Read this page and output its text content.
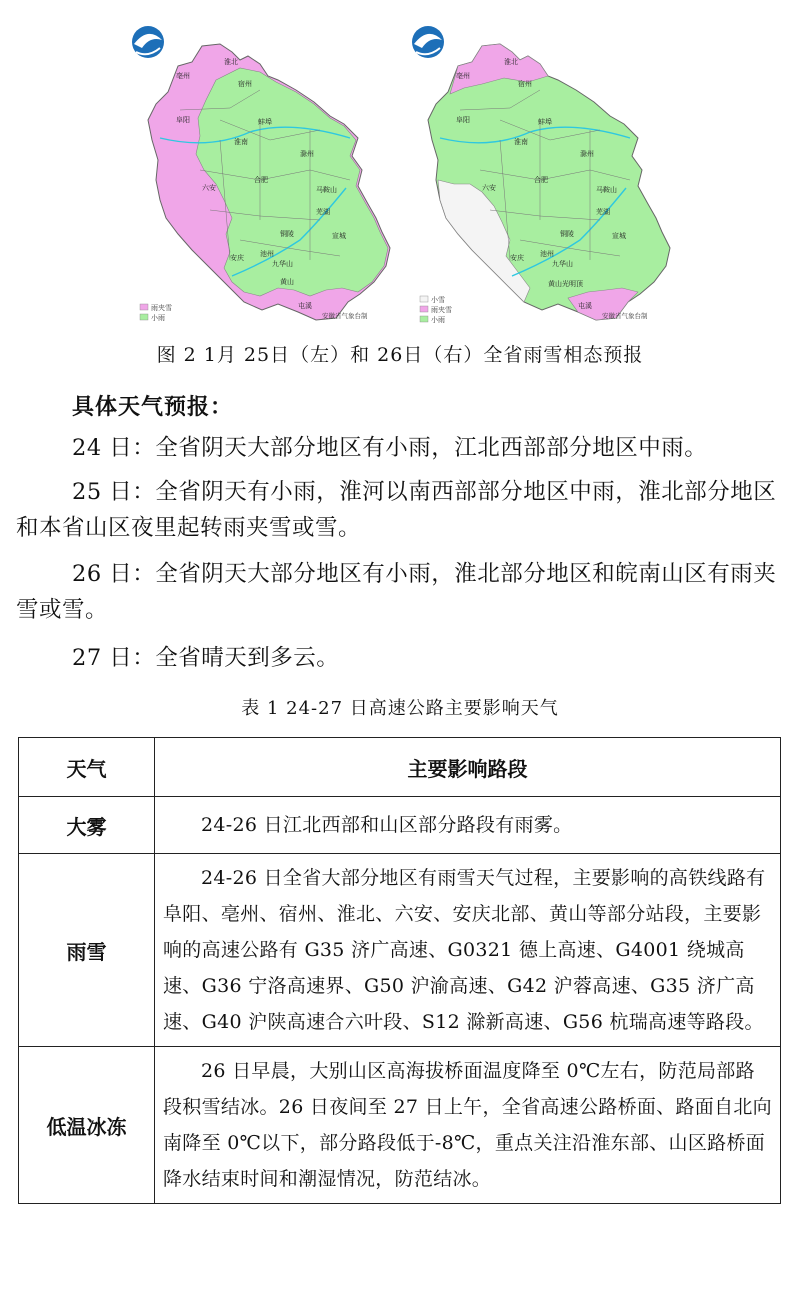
亳州
淮北
宿州
阜阳	蚌埠
淮南
滁州
六安
合肥
马鞍山
芜湖
铜陵
安庆 池州
九华山
宣城
黄山
屯溪
雨夹雪
小雨	安徽省气象台制
亳州
淮北
宿州
阜阳	蚌埠
淮南
滁州
六安
合肥
马鞍山
芜湖
铜陵
安庆 池州
九华山
宣城
黄山光明顶
屯溪
小雪
雨夹雪
小雨	安徽省气象台制
图 2 1月 25日（左）和 26日（右）全省雨雪相态预报
具体天气预报：
24 日：全省阴天大部分地区有小雨，江北西部部分地区中雨。
25 日：全省阴天有小雨，淮河以南西部部分地区中雨，淮北部分地区和本省山区夜里起转雨夹雪或雪。
26 日：全省阴天大部分地区有小雨，淮北部分地区和皖南山区有雨夹雪或雪。
27 日：全省晴天到多云。
表 1 24-27 日高速公路主要影响天气
天气	主要影响路段
大雾	24-26 日江北西部和山区部分路段有雨雾。
雨雪	24-26 日全省大部分地区有雨雪天气过程，主要影响的高铁线路有阜阳、亳州、宿州、淮北、六安、安庆北部、黄山等部分站段，主要影响的高速公路有 G35 济广高速、G0321 德上高速、G4001 绕城高速、G36 宁洛高速界、G50 沪渝高速、G42 沪蓉高速、G35 济广高速、G40 沪陕高速合六叶段、S12 滁新高速、G56 杭瑞高速等路段。
低温冰冻	26 日早晨，大别山区高海拔桥面温度降至 0℃左右，防范局部路段积雪结冰。26 日夜间至 27 日上午，全省高速公路桥面、路面自北向南降至 0℃以下，部分路段低于-8℃，重点关注沿淮东部、山区路桥面降水结束时间和潮湿情况，防范结冰。
